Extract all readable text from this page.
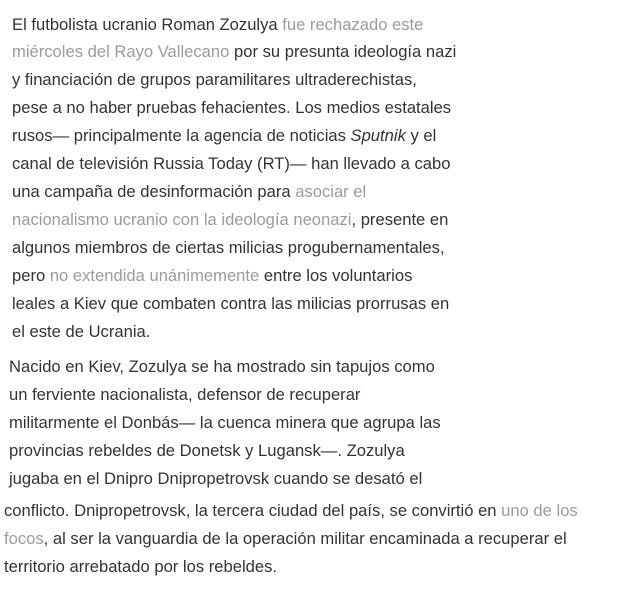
El futbolista ucranio Roman Zozulya fue rechazado este
miércoles del Rayo Vallecano por su presunta ideología nazi
y financiación de grupos paramilitares ultraderechistas,
pese a no haber pruebas fehacientes. Los medios estatales
rusos— principalmente la agencia de noticias Sputnik y el
canal de televisión Russia Today (RT)— han llevado a cabo
una campaña de desinformación para asociar el
nacionalismo ucranio con la ideología neonazi, presente en
algunos miembros de ciertas milicias progubernamentales,
pero no extendida unánimemente entre los voluntarios
leales a Kiev que combaten contra las milicias prorrusas en
el este de Ucrania.
Nacido en Kiev, Zozulya se ha mostrado sin tapujos como
un ferviente nacionalista, defensor de recuperar
militarmente el Donbás— la cuenca minera que agrupa las
provincias rebeldes de Donetsk y Lugansk—. Zozulya
jugaba en el Dnipro Dnipropetrovsk cuando se desató el
conflicto. Dnipropetrovsk, la tercera ciudad del país, se convirtió en uno de los
focos, al ser la vanguardia de la operación militar encaminada a recuperar el
territorio arrebatado por los rebeldes.
